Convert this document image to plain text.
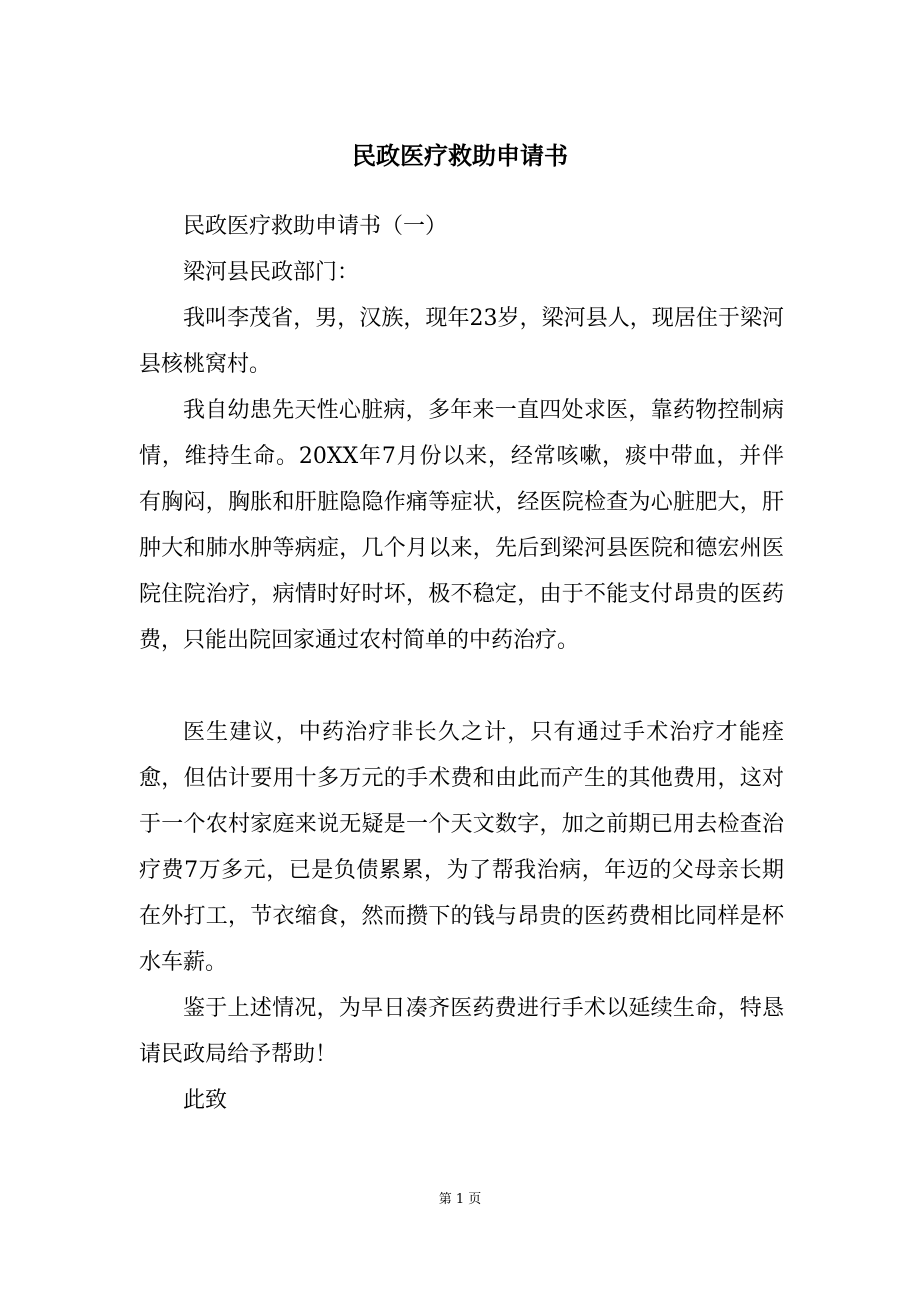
民政医疗救助申请书

民政医疗救助申请书（一）

梁河县民政部门：

我叫李茂省，男，汉族，现年23岁，梁河县人，现居住于梁河县核桃窝村。

我自幼患先天性心脏病，多年来一直四处求医，靠药物控制病情，维持生命。20XX年7月份以来，经常咳嗽，痰中带血，并伴有胸闷，胸胀和肝脏隐隐作痛等症状，经医院检查为心脏肥大，肝肿大和肺水肿等病症，几个月以来，先后到梁河县医院和德宏州医院住院治疗，病情时好时坏，极不稳定，由于不能支付昂贵的医药费，只能出院回家通过农村简单的中药治疗。

医生建议，中药治疗非长久之计，只有通过手术治疗才能痊愈，但估计要用十多万元的手术费和由此而产生的其他费用，这对于一个农村家庭来说无疑是一个天文数字，加之前期已用去检查治疗费7万多元，已是负债累累，为了帮我治病，年迈的父母亲长期在外打工，节衣缩食，然而攒下的钱与昂贵的医药费相比同样是杯水车薪。

鉴于上述情况，为早日凑齐医药费进行手术以延续生命，特恳请民政局给予帮助！

此致

第 1 页
